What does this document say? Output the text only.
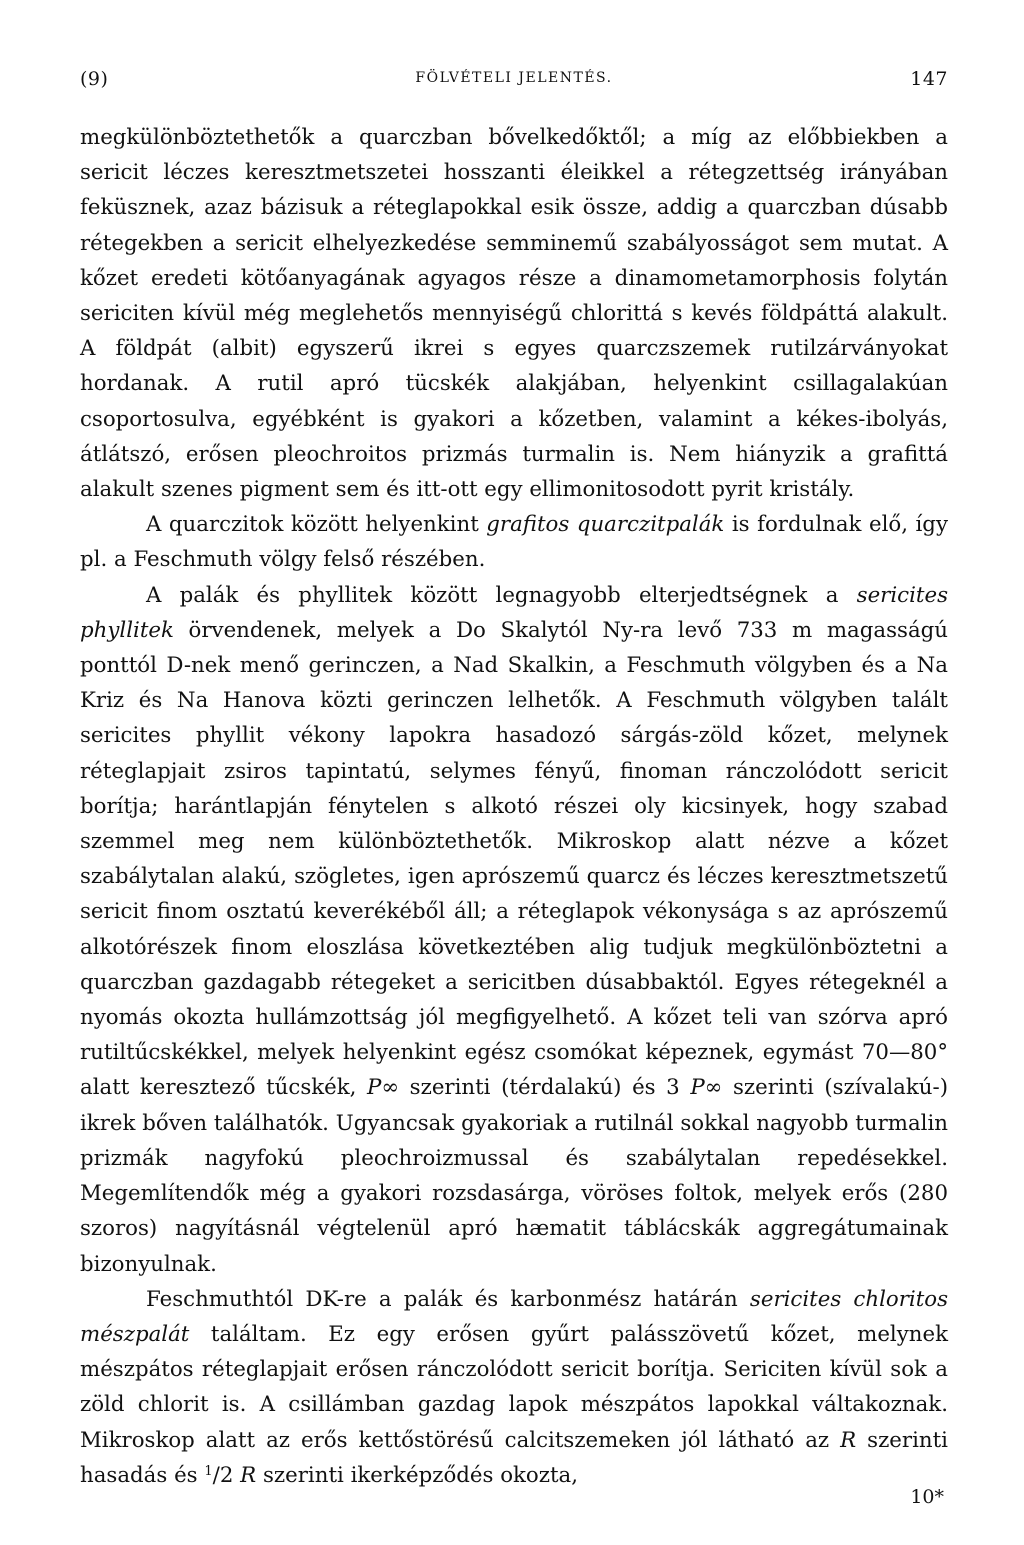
(9)	FÖLVÉTELI JELENTÉS.	147

megkülönböztethetők a quarczban bővelkedőktől; a míg az előbbiekben a sericit léczes keresztmetszetei hosszanti éleikkel a rétegzettség irányában feküsznek, azaz bázisuk a réteglapokkal esik össze, addig a quarczban dúsabb rétegekben a sericit elhelyezkedése semminemű szabályosságot sem mutat. A kőzet eredeti kötőanyagának agyagos része a dinamometamorphosis folytán sericiten kívül még meglehetős mennyiségű chlorittá s kevés földpáttá alakult. A földpát (albit) egyszerű ikrei s egyes quarczszemek rutilzárványokat hordanak. A rutil apró tücskék alakjában, helyenkint csillagalakúan csoportosulva, egyébként is gyakori a kőzetben, valamint a kékes-ibolyás, átlátszó, erősen pleochroitos prizmás turmalin is. Nem hiányzik a grafittá alakult szenes pigment sem és itt-ott egy ellimonitosodott pyrit kristály.

A quarczitok között helyenkint grafitos quarczitpalák is fordulnak elő, így pl. a Feschmuth völgy felső részében.

A palák és phyllitek között legnagyobb elterjedtségnek a sericites phyllitek örvendenek, melyek a Do Skalytól Ny-ra levő 733 m magasságú ponttól D-nek menő gerinczen, a Nad Skalkin, a Feschmuth völgyben és a Na Kriz és Na Hanova közti gerinczen lelhetők. A Feschmuth völgyben talált sericites phyllit vékony lapokra hasadozó sárgás-zöld kőzet, melynek réteglapjait zsiros tapintatú, selymes fényű, finoman ránczolódott sericit borítja; harántlapján fénytelen s alkotó részei oly kicsinyek, hogy szabad szemmel meg nem különböztethetők. Mikroskop alatt nézve a kőzet szabálytalan alakú, szögletes, igen aprószemű quarcz és léczes keresztmetszetű sericit finom osztatú keverékéből áll; a réteglapok vékonysága s az aprószemű alkotórészek finom eloszlása következtében alig tudjuk megkülönböztetni a quarczban gazdagabb rétegeket a sericitben dúsabbaktól. Egyes rétegeknél a nyomás okozta hullámzottság jól megfigyelhető. A kőzet teli van szórva apró rutiltűcskékkel, melyek helyenkint egész csomókat képeznek, egymást 70—80° alatt keresztező tűcskék, P∞ szerinti (térdalakú) és 3 P∞ szerinti (szívalakú-) ikrek bőven találhatók. Ugyancsak gyakoriak a rutilnál sokkal nagyobb turmalin prizmák nagyfokú pleochroizmussal és szabálytalan repedésekkel. Megemlítendők még a gyakori rozsdasárga, vöröses foltok, melyek erős (280 szoros) nagyításnál végtelenül apró hæmatit táblácskák aggregátumainak bizonyulnak.

Feschmuthtól DK-re a palák és karbonmész határán sericites chloritos mészpalát találtam. Ez egy erősen gyűrt palásszövetű kőzet, melynek mészpátos réteglapjait erősen ránczolódott sericit borítja. Sericiten kívül sok a zöld chlorit is. A csillámban gazdag lapok mészpátos lapokkal váltakoznak. Mikroskop alatt az erős kettőstörésű calcitszemeken jól látható az R szerinti hasadás és $^1$/2 R szerinti ikerképződés okozta,

10*
